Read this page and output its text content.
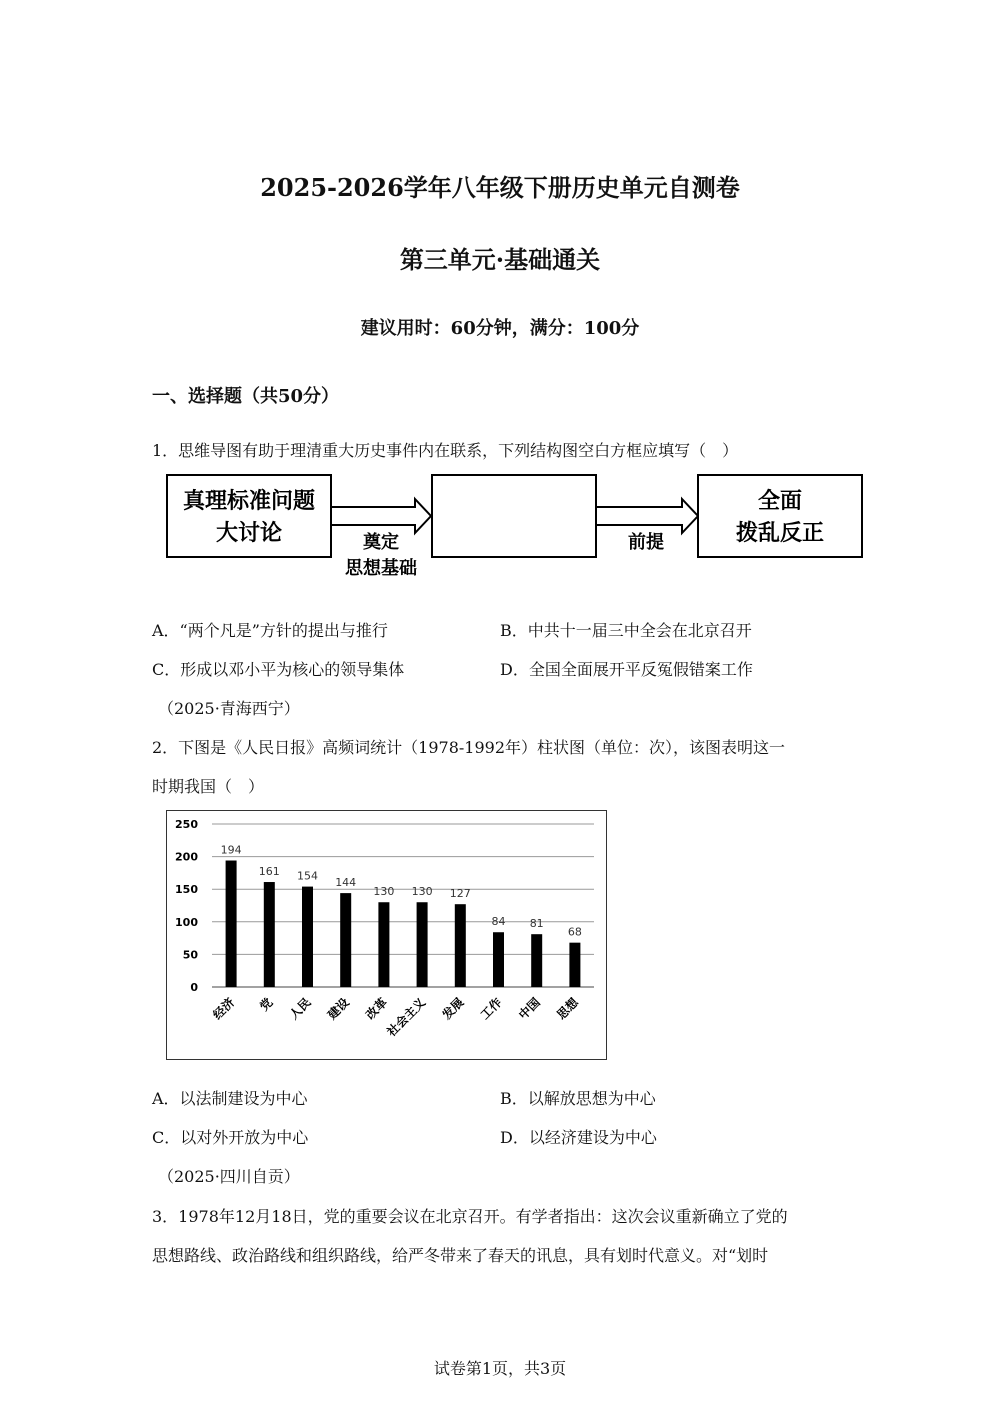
2025-2026学年八年级下册历史单元自测卷
第三单元·基础通关
建议用时：60分钟，满分：100分
一、选择题（共50分）
1．思维导图有助于理清重大历史事件内在联系，下列结构图空白方框应填写（　）
真理标准问题
大讨论	奠定
思想基础
前提
全面
拨乱反正
A．“两个凡是”方针的提出与推行	B．中共十一届三中全会在北京召开
C．形成以邓小平为核心的领导集体	D．全国全面展开平反冤假错案工作
（2025·青海西宁）
2．下图是《人民日报》高频词统计（1978-1992年）柱状图（单位：次），该图表明这一
时期我国（　）
0
50
100
150
200
250
194
161 154
144
130 130 127
84 81
68
经济 党 人民 建设 改革
社会主义 发展 工作 中国 思想
A．以法制建设为中心	B．以解放思想为中心
C．以对外开放为中心	D．以经济建设为中心
（2025·四川自贡）
3．1978年12月18日，党的重要会议在北京召开。有学者指出：这次会议重新确立了党的
思想路线、政治路线和组织路线，给严冬带来了春天的讯息，具有划时代意义。对“划时
试卷第1页，共3页
